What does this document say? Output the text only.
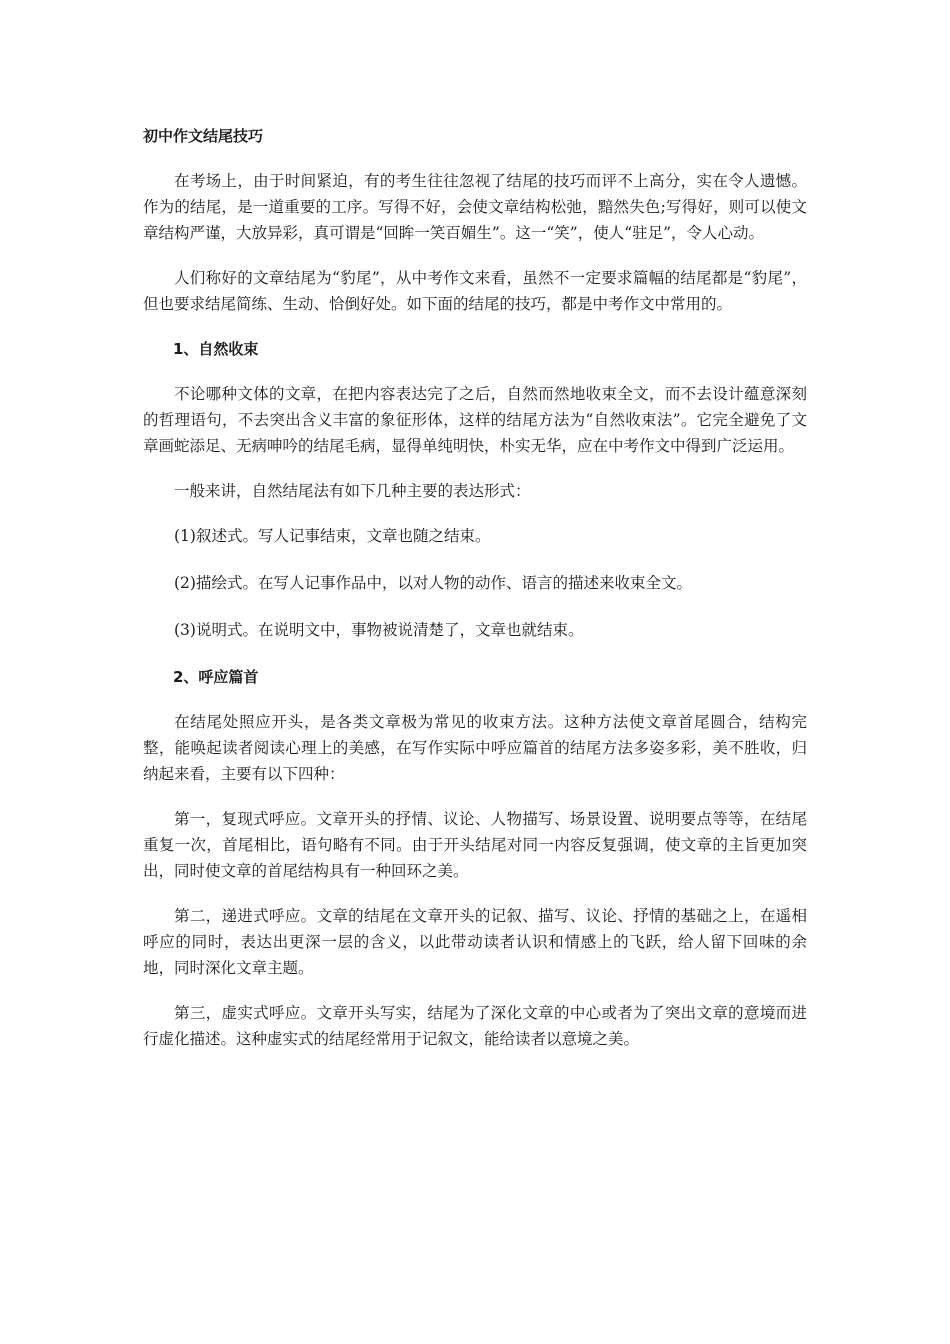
初中作文结尾技巧

在考场上，由于时间紧迫，有的考生往往忽视了结尾的技巧而评不上高分，实在令人遗憾。作为的结尾，是一道重要的工序。写得不好，会使文章结构松弛，黯然失色;写得好，则可以使文章结构严谨，大放异彩，真可谓是“回眸一笑百媚生”。这一“笑”，使人“驻足”，令人心动。

人们称好的文章结尾为“豹尾”，从中考作文来看，虽然不一定要求篇幅的结尾都是“豹尾”，但也要求结尾简练、生动、恰倒好处。如下面的结尾的技巧，都是中考作文中常用的。

1、自然收束

不论哪种文体的文章，在把内容表达完了之后，自然而然地收束全文，而不去设计蕴意深刻的哲理语句，不去突出含义丰富的象征形体，这样的结尾方法为“自然收束法”。它完全避免了文章画蛇添足、无病呻吟的结尾毛病，显得单纯明快，朴实无华，应在中考作文中得到广泛运用。

一般来讲，自然结尾法有如下几种主要的表达形式：

(1)叙述式。写人记事结束，文章也随之结束。

(2)描绘式。在写人记事作品中，以对人物的动作、语言的描述来收束全文。

(3)说明式。在说明文中，事物被说清楚了，文章也就结束。

2、呼应篇首

在结尾处照应开头，是各类文章极为常见的收束方法。这种方法使文章首尾圆合，结构完整，能唤起读者阅读心理上的美感，在写作实际中呼应篇首的结尾方法多姿多彩，美不胜收，归纳起来看，主要有以下四种：

第一，复现式呼应。文章开头的抒情、议论、人物描写、场景设置、说明要点等等，在结尾重复一次，首尾相比，语句略有不同。由于开头结尾对同一内容反复强调，使文章的主旨更加突出，同时使文章的首尾结构具有一种回环之美。

第二，递进式呼应。文章的结尾在文章开头的记叙、描写、议论、抒情的基础之上，在遥相呼应的同时，表达出更深一层的含义，以此带动读者认识和情感上的飞跃，给人留下回味的余地，同时深化文章主题。

第三，虚实式呼应。文章开头写实，结尾为了深化文章的中心或者为了突出文章的意境而进行虚化描述。这种虚实式的结尾经常用于记叙文，能给读者以意境之美。
